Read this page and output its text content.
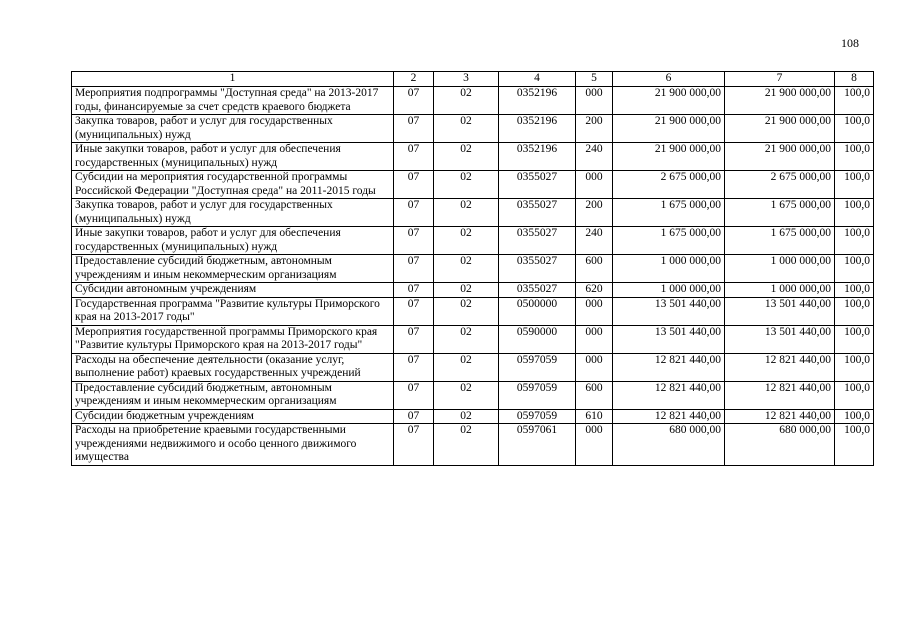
108
1	2	3	4	5	6	7	8
Мероприятия подпрограммы "Доступная среда" на 2013-2017 годы, финансируемые за счет средств краевого бюджета	07	02	0352196	000	21 900 000,00	21 900 000,00	100,0
Закупка товаров, работ и услуг для государственных (муниципальных) нужд	07	02	0352196	200	21 900 000,00	21 900 000,00	100,0
Иные закупки товаров, работ и услуг для обеспечения государственных (муниципальных) нужд	07	02	0352196	240	21 900 000,00	21 900 000,00	100,0
Субсидии на мероприятия государственной программы Российской Федерации "Доступная среда" на 2011-2015 годы	07	02	0355027	000	2 675 000,00	2 675 000,00	100,0
Закупка товаров, работ и услуг для государственных (муниципальных) нужд	07	02	0355027	200	1 675 000,00	1 675 000,00	100,0
Иные закупки товаров, работ и услуг для обеспечения государственных (муниципальных) нужд	07	02	0355027	240	1 675 000,00	1 675 000,00	100,0
Предоставление субсидий бюджетным, автономным учреждениям и иным некоммерческим организациям	07	02	0355027	600	1 000 000,00	1 000 000,00	100,0
Субсидии автономным учреждениям	07	02	0355027	620	1 000 000,00	1 000 000,00	100,0
Государственная программа "Развитие культуры Приморского края на 2013-2017 годы"	07	02	0500000	000	13 501 440,00	13 501 440,00	100,0
Мероприятия государственной программы Приморского края "Развитие культуры Приморского края на 2013-2017 годы"	07	02	0590000	000	13 501 440,00	13 501 440,00	100,0
Расходы на обеспечение деятельности (оказание услуг, выполнение работ) краевых государственных учреждений	07	02	0597059	000	12 821 440,00	12 821 440,00	100,0
Предоставление субсидий бюджетным, автономным учреждениям и иным некоммерческим организациям	07	02	0597059	600	12 821 440,00	12 821 440,00	100,0
Субсидии бюджетным учреждениям	07	02	0597059	610	12 821 440,00	12 821 440,00	100,0
Расходы на приобретение краевыми государственными учреждениями недвижимого и особо ценного движимого имущества	07	02	0597061	000	680 000,00	680 000,00	100,0
